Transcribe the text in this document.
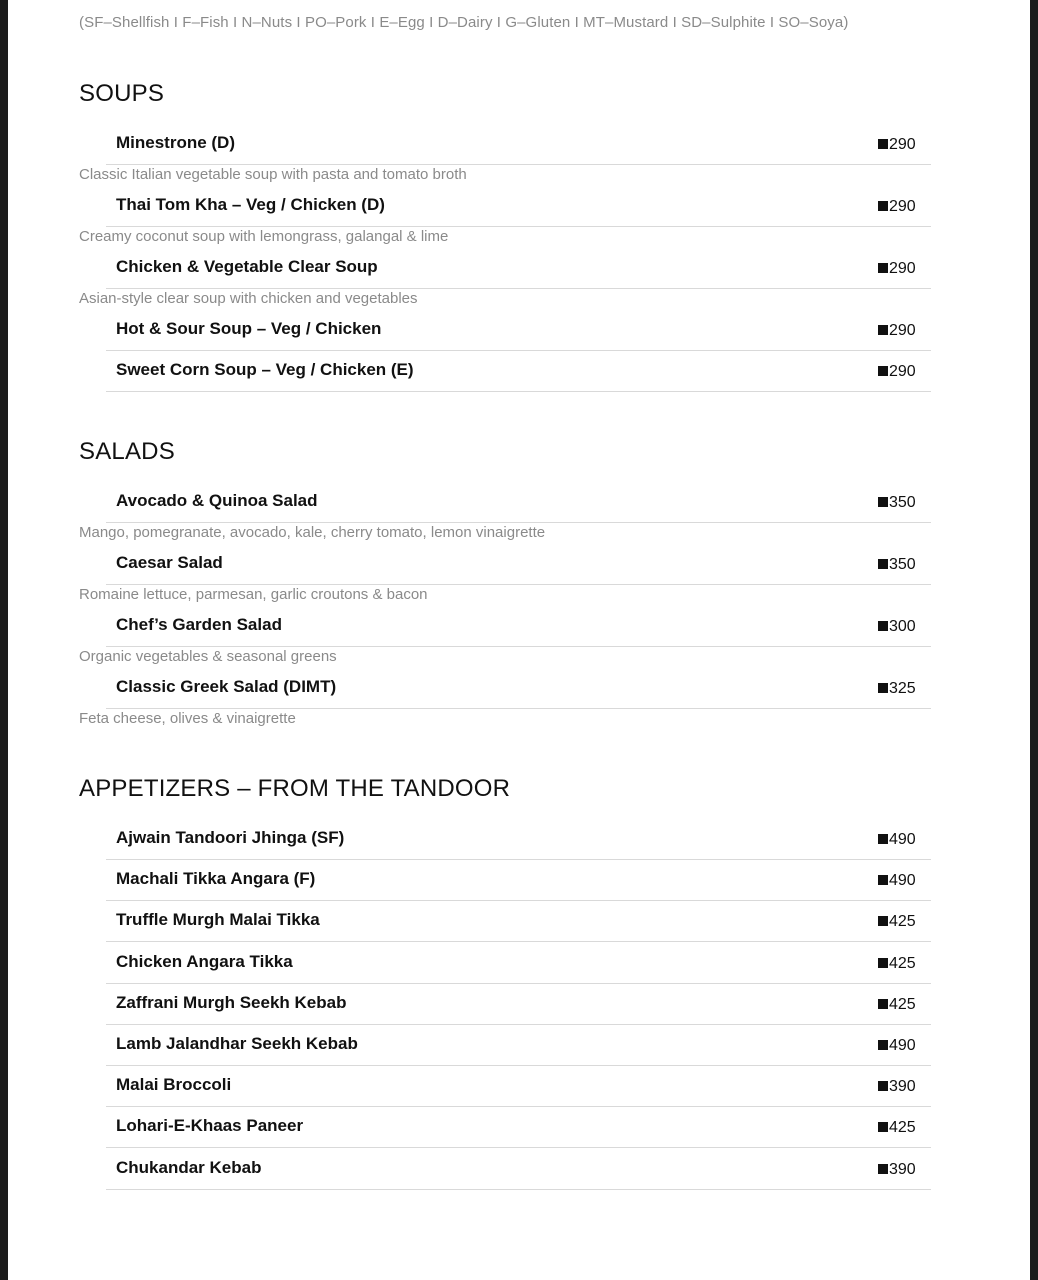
(SF–Shellfish I F–Fish I N–Nuts I PO–Pork I E–Egg I D–Dairy I G–Gluten I MT–Mustard I SD–Sulphite I SO–Soya)
SOUPS
Minestrone (D)	290
Classic Italian vegetable soup with pasta and tomato broth
Thai Tom Kha – Veg / Chicken (D)	290
Creamy coconut soup with lemongrass, galangal & lime
Chicken & Vegetable Clear Soup	290
Asian-style clear soup with chicken and vegetables
Hot & Sour Soup – Veg / Chicken	290
Sweet Corn Soup – Veg / Chicken (E)	290
SALADS
Avocado & Quinoa Salad	350
Mango, pomegranate, avocado, kale, cherry tomato, lemon vinaigrette
Caesar Salad	350
Romaine lettuce, parmesan, garlic croutons & bacon
Chef’s Garden Salad	300
Organic vegetables & seasonal greens
Classic Greek Salad (DIMT)	325
Feta cheese, olives & vinaigrette
APPETIZERS – FROM THE TANDOOR
Ajwain Tandoori Jhinga (SF)	490
Machali Tikka Angara (F)	490
Truffle Murgh Malai Tikka	425
Chicken Angara Tikka	425
Zaffrani Murgh Seekh Kebab	425
Lamb Jalandhar Seekh Kebab	490
Malai Broccoli	390
Lohari-E-Khaas Paneer	425
Chukandar Kebab	390
